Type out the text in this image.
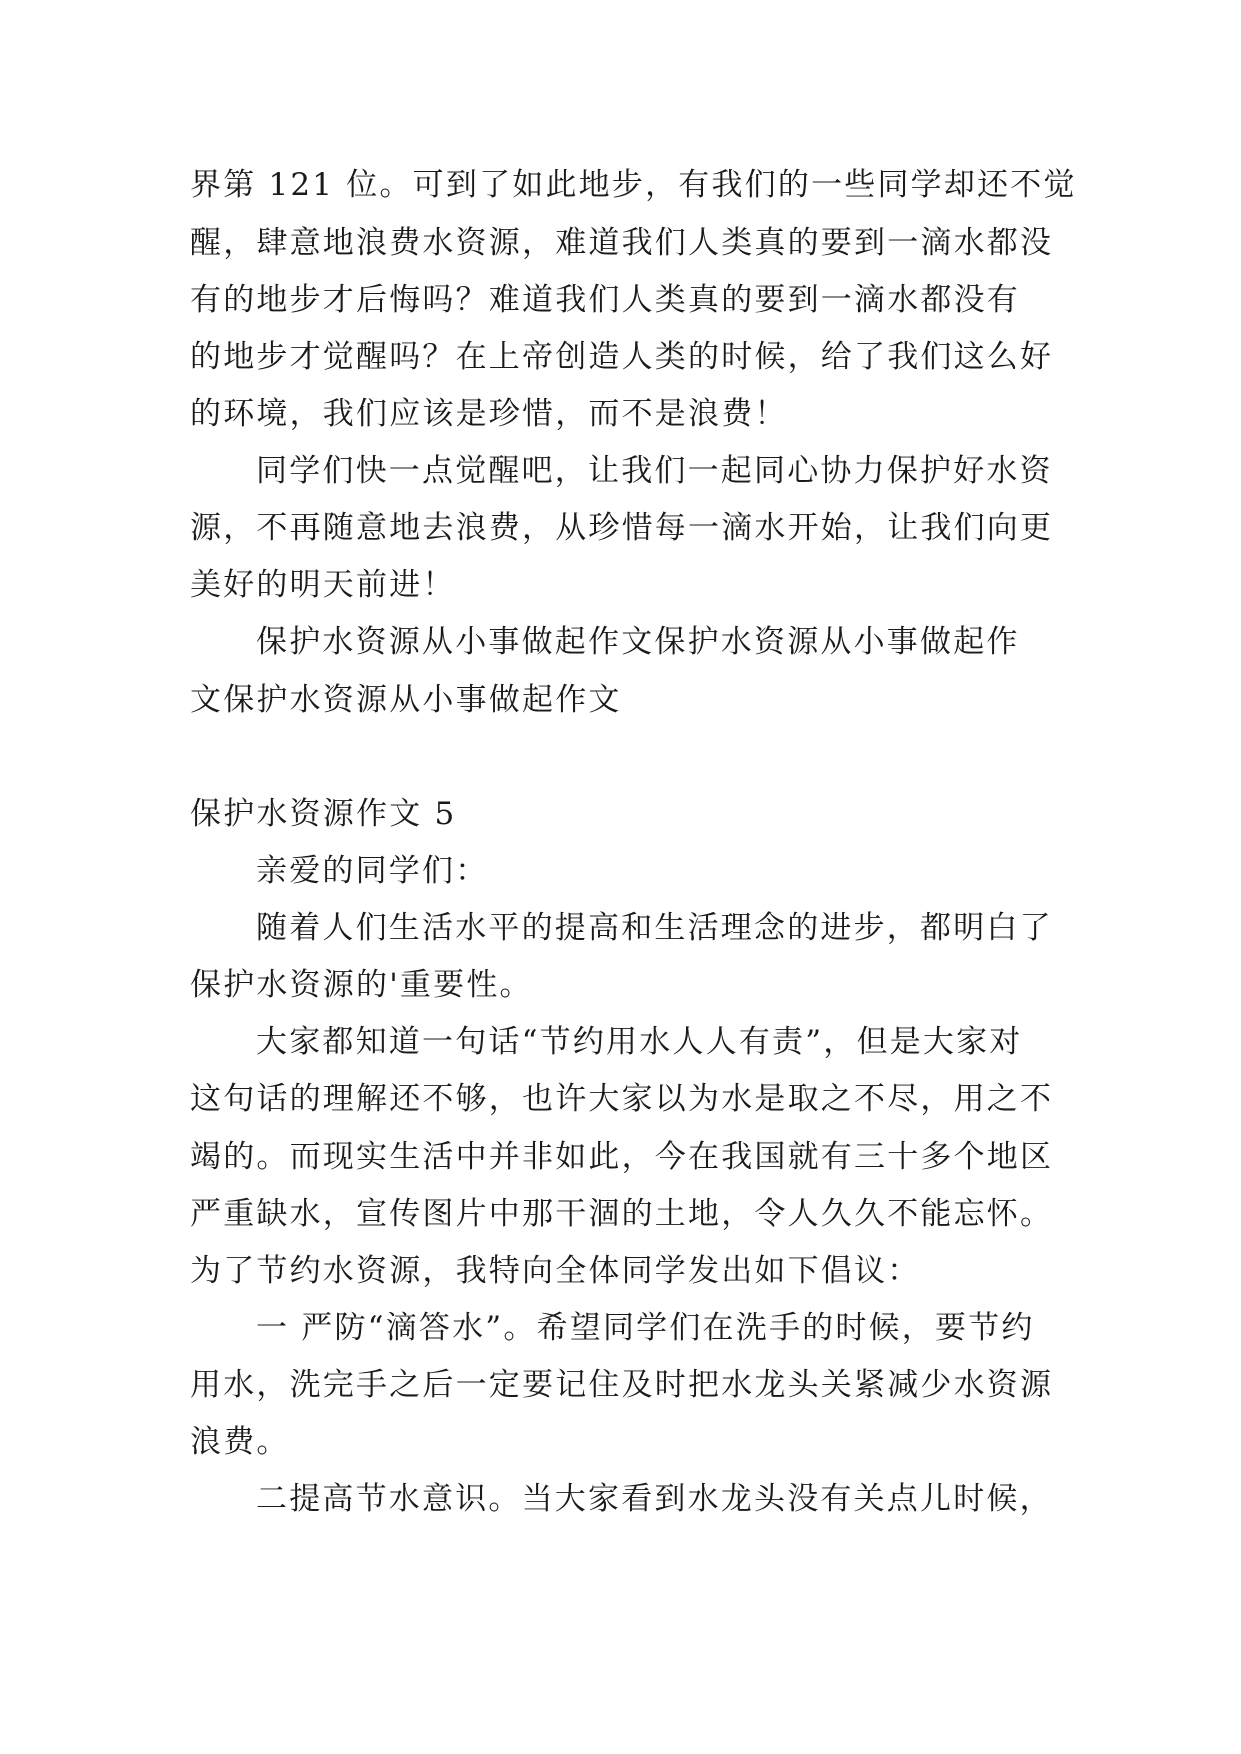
界第 121 位。可到了如此地步，有我们的一些同学却还不觉
醒，肆意地浪费水资源，难道我们人类真的要到一滴水都没
有的地步才后悔吗？难道我们人类真的要到一滴水都没有
的地步才觉醒吗？在上帝创造人类的时候，给了我们这么好
的环境，我们应该是珍惜，而不是浪费！
同学们快一点觉醒吧，让我们一起同心协力保护好水资
源，不再随意地去浪费，从珍惜每一滴水开始，让我们向更
美好的明天前进！
保护水资源从小事做起作文保护水资源从小事做起作
文保护水资源从小事做起作文
保护水资源作文 5
亲爱的同学们：
随着人们生活水平的提高和生活理念的进步，都明白了
保护水资源的'重要性。
大家都知道一句话“节约用水人人有责”，但是大家对
这句话的理解还不够，也许大家以为水是取之不尽，用之不
竭的。而现实生活中并非如此，今在我国就有三十多个地区
严重缺水，宣传图片中那干涸的土地，令人久久不能忘怀。
为了节约水资源，我特向全体同学发出如下倡议：
一 严防“滴答水”。希望同学们在洗手的时候，要节约
用水，洗完手之后一定要记住及时把水龙头关紧减少水资源
浪费。
二提高节水意识。当大家看到水龙头没有关点儿时候，
